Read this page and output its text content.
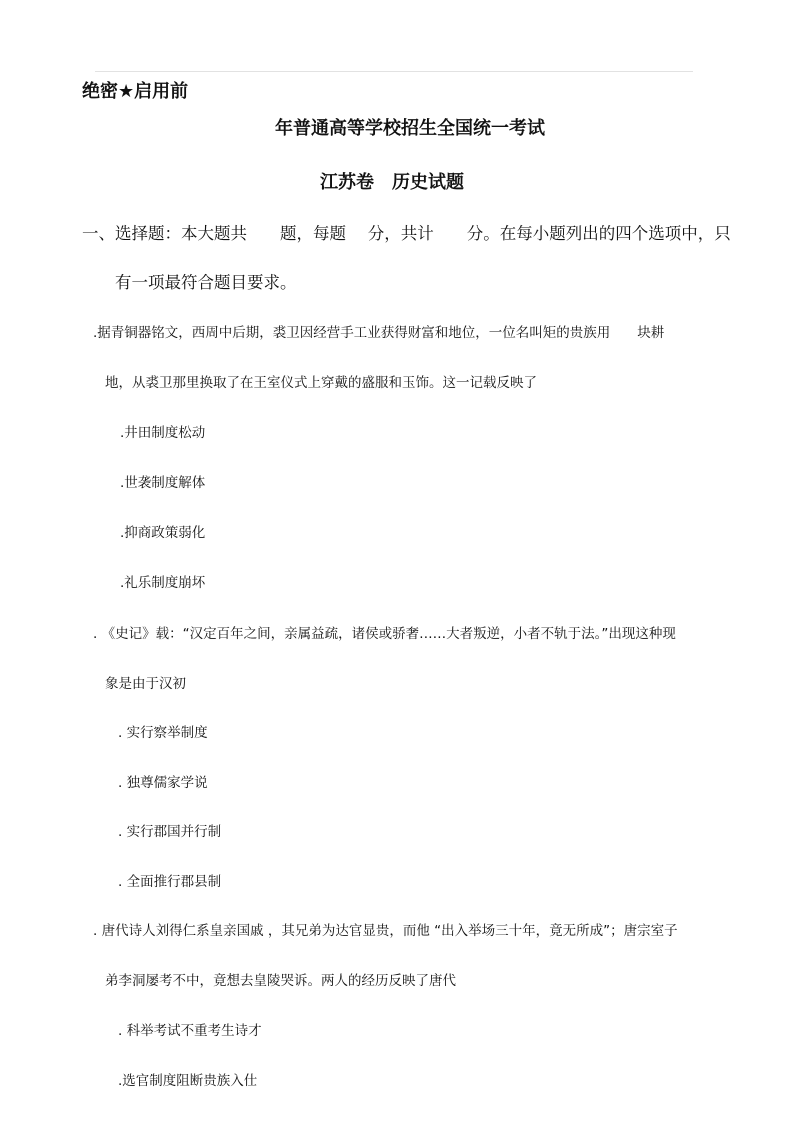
绝密★启用前
年普通高等学校招生全国统一考试
江苏卷　历史试题
一、选择题：本大题共　　题，每题　 分，共计　　分。在每小题列出的四个选项中，只
有一项最符合题目要求。
.据青铜器铭文，西周中后期，裘卫因经营手工业获得财富和地位，一位名叫矩的贵族用　　块耕
地，从裘卫那里换取了在王室仪式上穿戴的盛服和玉饰。这一记载反映了
.井田制度松动
.世袭制度解体
.抑商政策弱化
.礼乐制度崩坏
. 《史记》载：“汉定百年之间，亲属益疏，诸侯或骄奢……大者叛逆，小者不轨于法。”出现这种现
象是由于汉初
. 实行察举制度
. 独尊儒家学说
. 实行郡国并行制
. 全面推行郡县制
. 唐代诗人刘得仁系皇亲国戚 ，其兄弟为达官显贵，而他 “出入举场三十年，竟无所成”；唐宗室子
弟李洞屡考不中，竟想去皇陵哭诉。两人的经历反映了唐代
. 科举考试不重考生诗才
.选官制度阻断贵族入仕
